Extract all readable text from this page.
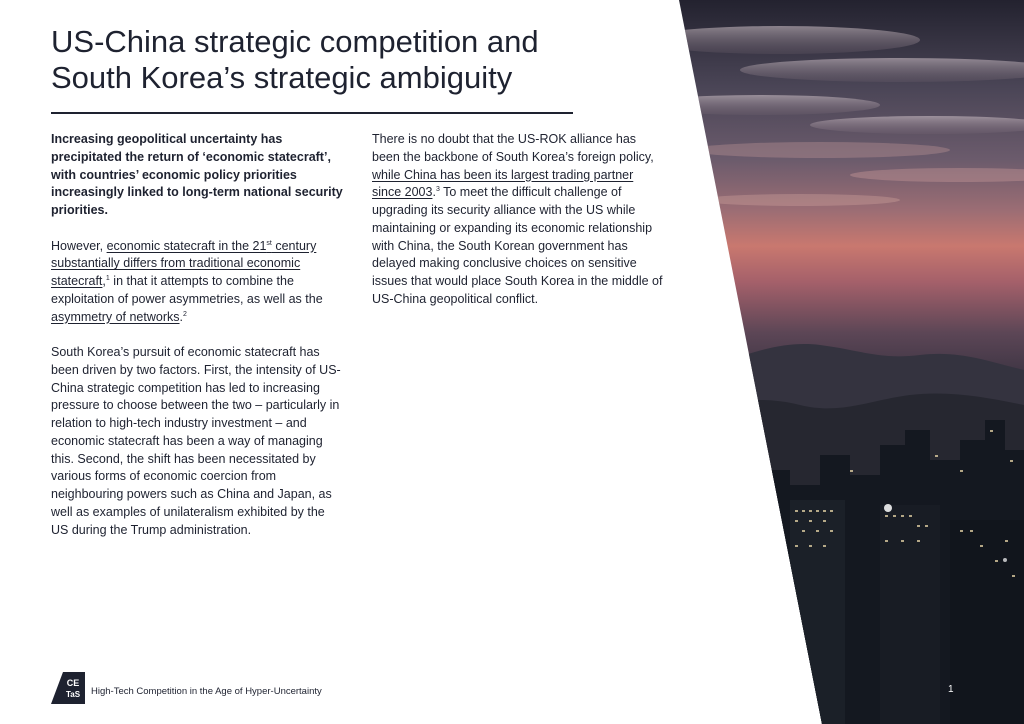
US-China strategic competition and
South Korea’s strategic ambiguity

Increasing geopolitical uncertainty has precipitated the return of ‘economic statecraft’, with countries’ economic policy priorities increasingly linked to long-term national security priorities.

However, economic statecraft in the 21st century substantially differs from traditional economic statecraft,$^1$ in that it attempts to combine the exploitation of power asymmetries, as well as the asymmetry of networks.$^2$

South Korea’s pursuit of economic statecraft has been driven by two factors. First, the intensity of US-China strategic competition has led to increasing pressure to choose between the two – particularly in relation to high-tech industry investment – and economic statecraft has been a way of managing this. Second, the shift has been necessitated by various forms of economic coercion from neighbouring powers such as China and Japan, as well as examples of unilateralism exhibited by the US during the Trump administration.

There is no doubt that the US-ROK alliance has been the backbone of South Korea’s foreign policy, while China has been its largest trading partner since 2003.$^3$ To meet the difficult challenge of upgrading its security alliance with the US while maintaining or expanding its economic relationship with China, the South Korean government has delayed making conclusive choices on sensitive issues that would place South Korea in the middle of US-China geopolitical conflict.

CE
TaS High-Tech Competition in the Age of Hyper-Uncertainty	1
